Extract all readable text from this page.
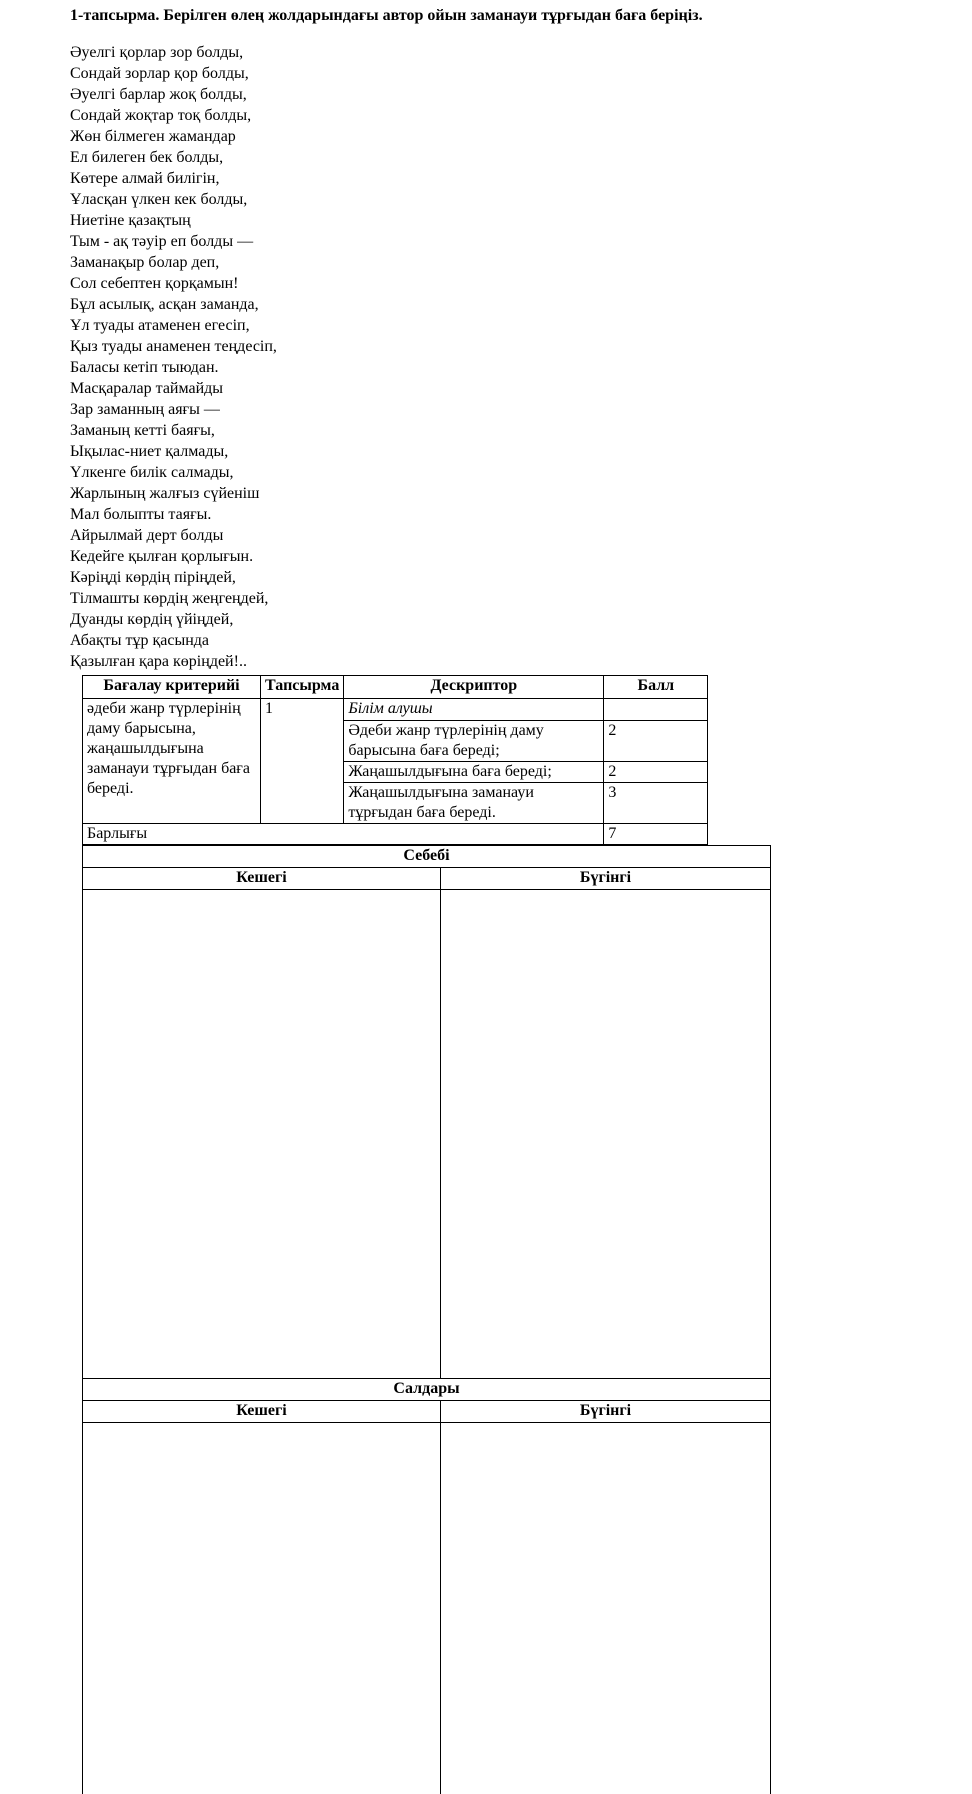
1-тапсырма. Берілген өлең жолдарындағы автор ойын заманауи тұрғыдан баға беріңіз.
Әуелгі қорлар зор болды,
Сондай зорлар қор болды,
Әуелгі барлар жоқ болды,
Сондай жоқтар тоқ болды,
Жөн білмеген жамандар
Ел билеген бек болды,
Көтере алмай билігін,
Ұласқан үлкен кек болды,
Ниетіне қазақтың
Тым - ақ тәуір еп болды —
Заманақыр болар деп,
Сол себептен қорқамын!
Бұл асылық, асқан заманда,
Ұл туады атаменен егесіп,
Қыз туады анаменен теңдесіп,
Баласы кетіп тыюдан.
Масқаралар таймайды
Зар заманның аяғы —
Заманың кетті баяғы,
Ықылас-ниет қалмады,
Үлкенге билік салмады,
Жарлының жалғыз сүйеніш
Мал болыпты таяғы.
Айрылмай дерт болды
Кедейге қылған қорлығын.
Кәріңді көрдің піріңдей,
Тілмашты көрдің жеңгеңдей,
Дуанды көрдің үйіңдей,
Абақты тұр қасында
Қазылған қара көріңдей!..
Бағалау критерийі	Тапсырма	Дескриптор	Балл
әдеби жанр түрлерінің даму барысына, жаңашылдығына заманауи тұрғыдан баға береді.	1	Білім алушы	
		Әдеби жанр түрлерінің даму барысына баға береді;	2
		Жаңашылдығына баға береді;	2
		Жаңашылдығына заманауи тұрғыдан баға береді.	3
Барлығы			7
Себебі	
Кешегі	Бүгінгі

Салдары	
Кешегі	Бүгінгі
